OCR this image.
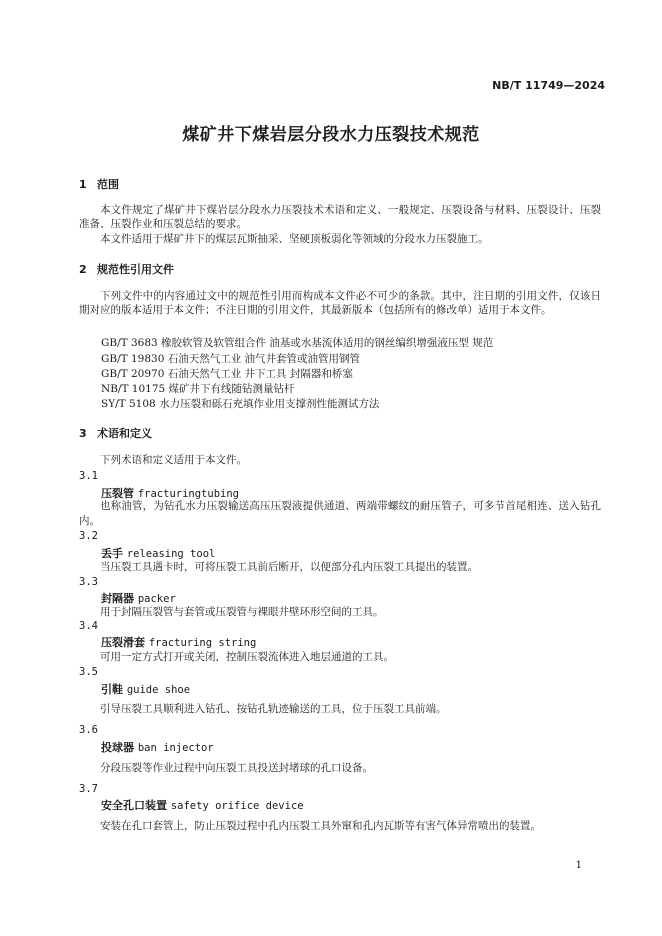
NB/T 11749—2024
煤矿井下煤岩层分段水力压裂技术规范
1 范围
本文件规定了煤矿井下煤岩层分段水力压裂技术术语和定义、一般规定、压裂设备与材料、压裂设计、压裂准备、压裂作业和压裂总结的要求。
本文件适用于煤矿井下的煤层瓦斯抽采、坚硬顶板弱化等领域的分段水力压裂施工。
2 规范性引用文件
下列文件中的内容通过文中的规范性引用而构成本文件必不可少的条款。其中，注日期的引用文件，仅该日期对应的版本适用于本文件；不注日期的引用文件，其最新版本（包括所有的修改单）适用于本文件。
GB/T 3683 橡胶软管及软管组合件 油基或水基流体适用的钢丝编织增强液压型 规范
GB/T 19830 石油天然气工业 油气井套管或油管用钢管
GB/T 20970 石油天然气工业 井下工具 封隔器和桥塞
NB/T 10175 煤矿井下有线随钻测量钻杆
SY/T 5108 水力压裂和砾石充填作业用支撑剂性能测试方法
3 术语和定义
下列术语和定义适用于本文件。
3.1
压裂管 fracturingtubing
也称油管，为钻孔水力压裂输送高压压裂液提供通道、两端带螺纹的耐压管子，可多节首尾相连、送入钻孔内。
3.2
丢手 releasing tool
当压裂工具遇卡时，可将压裂工具前后断开，以便部分孔内压裂工具提出的装置。
3.3
封隔器 packer
用于封隔压裂管与套管或压裂管与裸眼井壁环形空间的工具。
3.4
压裂滑套 fracturing string
可用一定方式打开或关闭，控制压裂流体进入地层通道的工具。
3.5
引鞋 guide shoe
引导压裂工具顺利进入钻孔、按钻孔轨迹输送的工具，位于压裂工具前端。
3.6
投球器 ban injector
分段压裂等作业过程中向压裂工具投送封堵球的孔口设备。
3.7
安全孔口装置 safety orifice device
安装在孔口套管上，防止压裂过程中孔内压裂工具外窜和孔内瓦斯等有害气体异常喷出的装置。
1
